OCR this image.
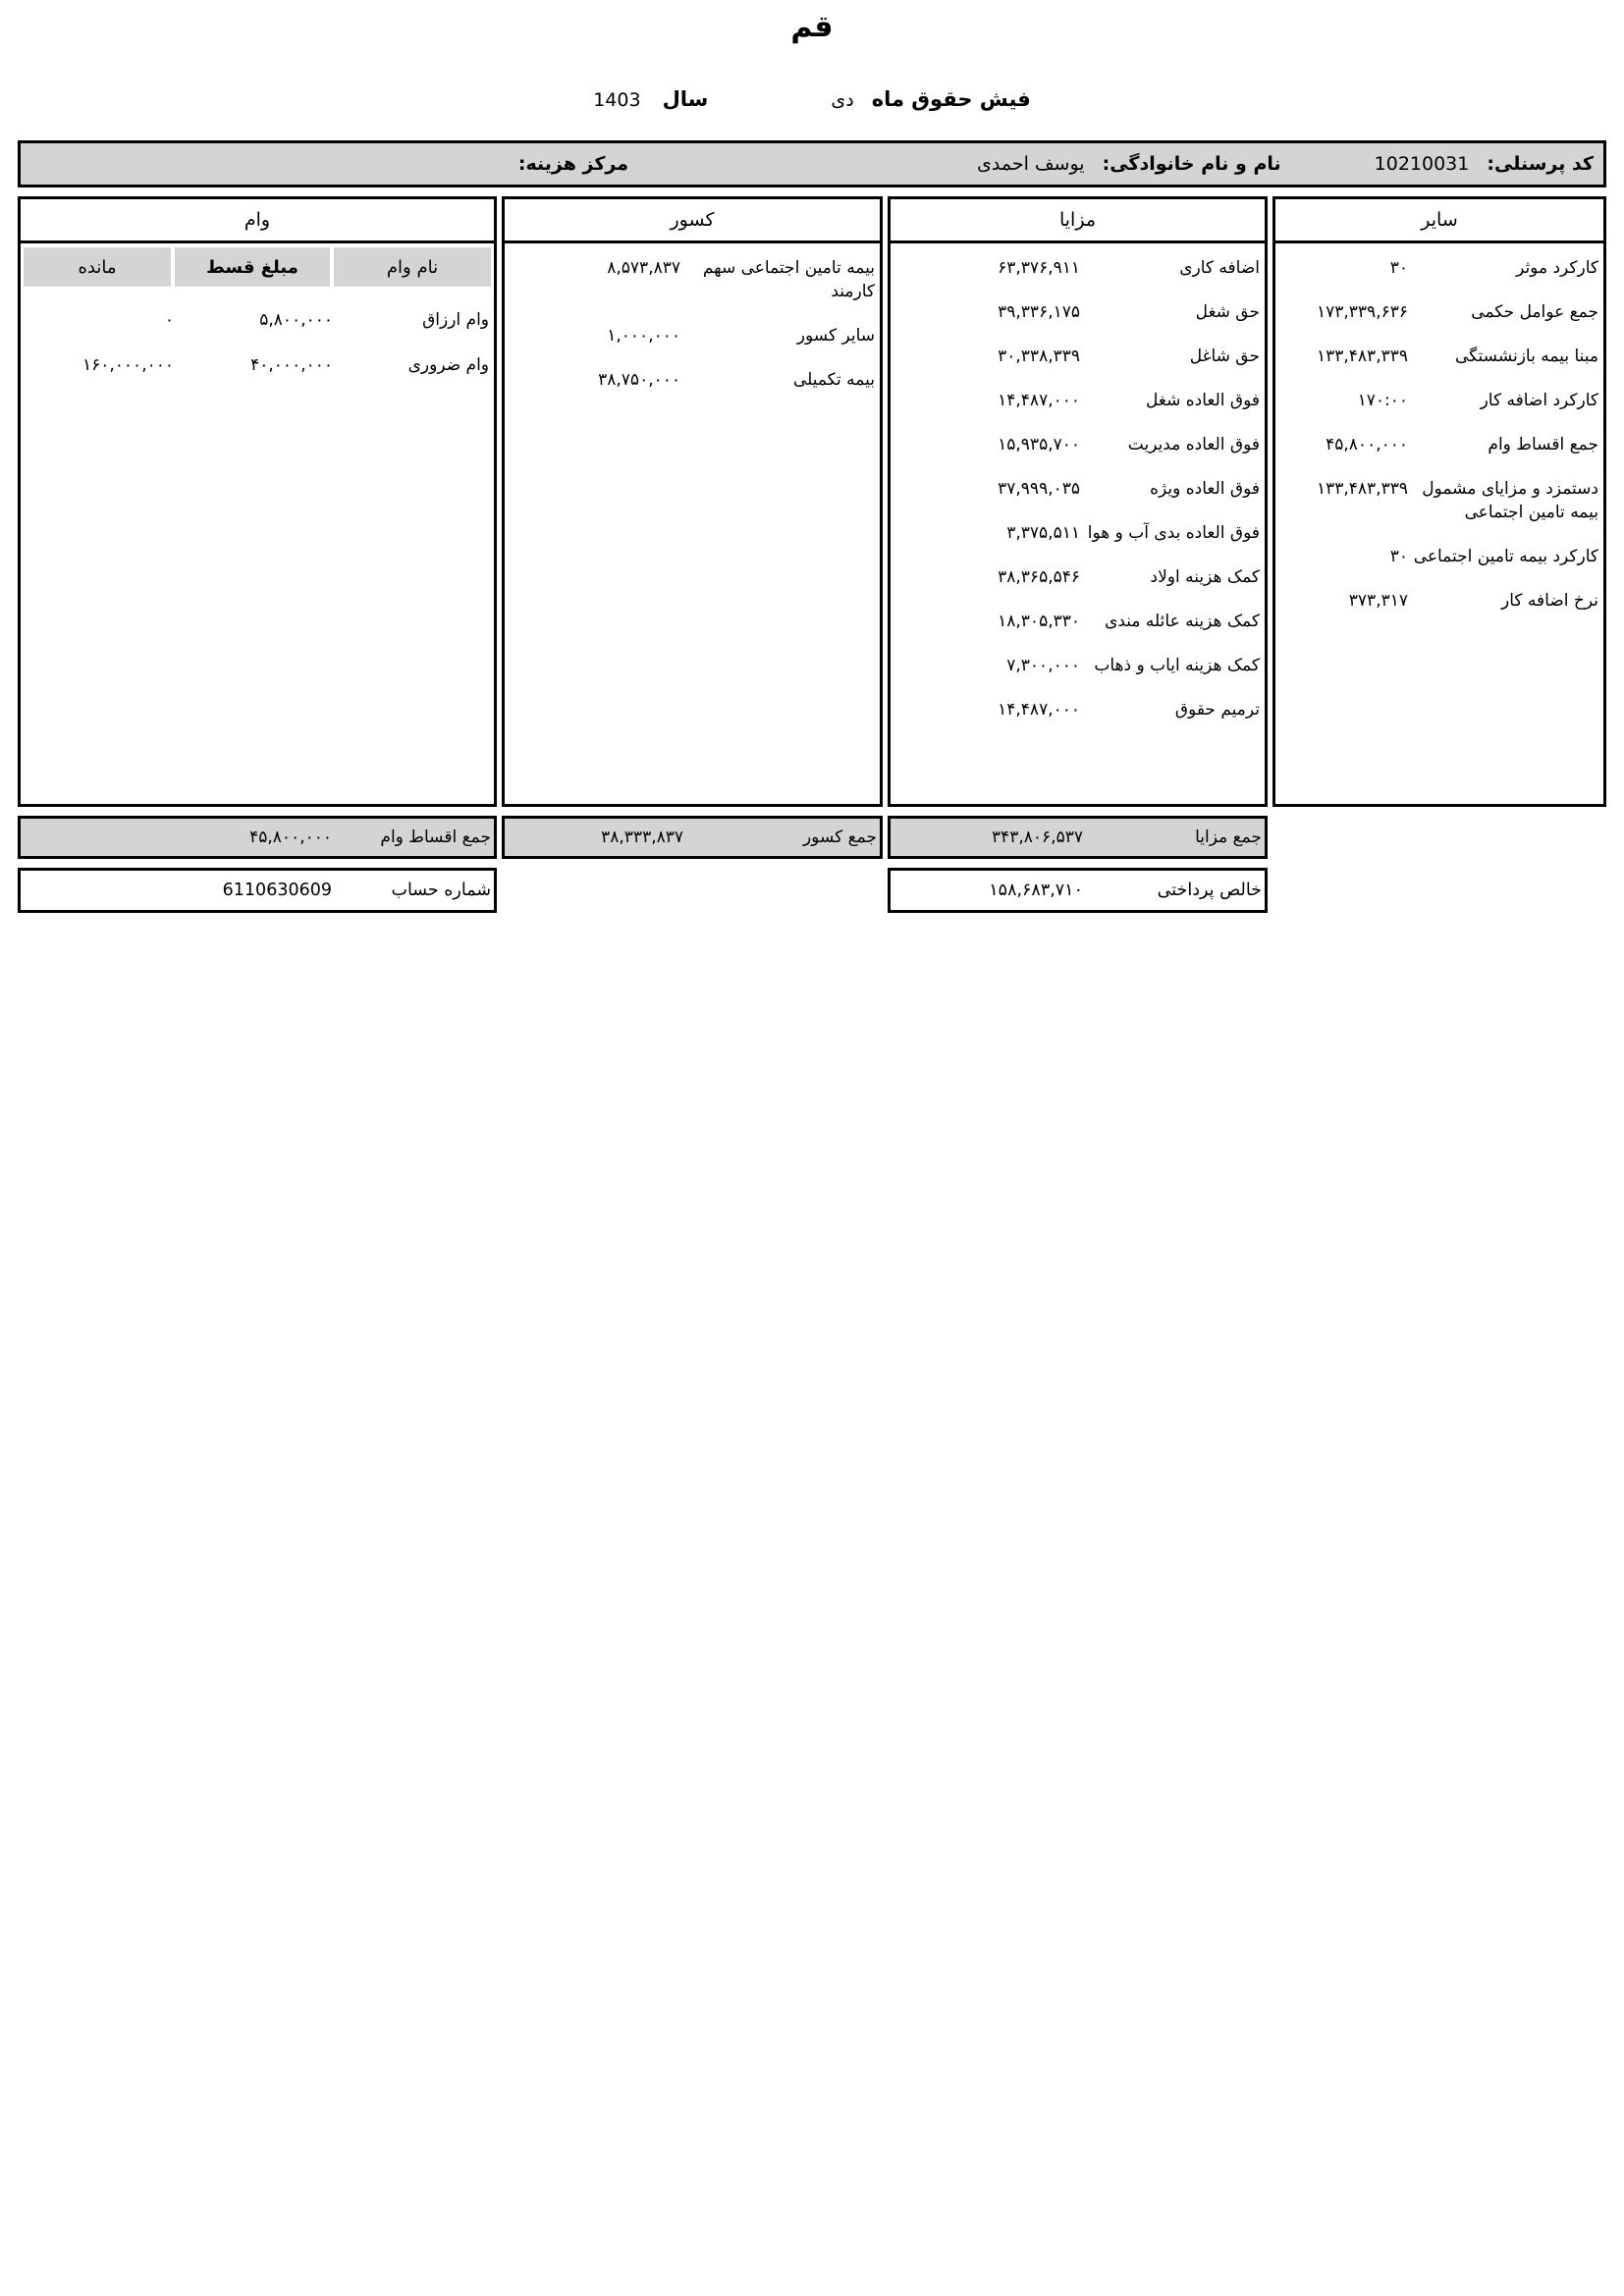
قم
فیش حقوق ماه
دی
سال
1403
کد پرسنلی:
10210031
نام و نام خانوادگی:
یوسف احمدی
مرکز هزینه:
سایر
کارکرد موثر
۳۰
جمع عوامل حکمی
۱۷۳,۳۳۹,۶۳۶
مبنا بیمه بازنشستگی
۱۳۳,۴۸۳,۳۳۹
کارکرد اضافه کار
۱۷۰:۰۰
جمع اقساط وام
۴۵,۸۰۰,۰۰۰
دستمزد و مزایای مشمول بیمه تامین اجتماعی
۱۳۳,۴۸۳,۳۳۹
کارکرد بیمه تامین اجتماعی
۳۰
نرخ اضافه کار
۳۷۳,۳۱۷
مزایا
اضافه کاری
۶۳,۳۷۶,۹۱۱
حق شغل
۳۹,۳۳۶,۱۷۵
حق شاغل
۳۰,۳۳۸,۳۳۹
فوق العاده شغل
۱۴,۴۸۷,۰۰۰
فوق العاده مدیریت
۱۵,۹۳۵,۷۰۰
فوق العاده ویژه
۳۷,۹۹۹,۰۳۵
فوق العاده بدی آب و هوا
۳,۳۷۵,۵۱۱
کمک هزینه اولاد
۳۸,۳۶۵,۵۴۶
کمک هزینه عائله مندی
۱۸,۳۰۵,۳۳۰
کمک هزینه ایاب و ذهاب
۷,۳۰۰,۰۰۰
ترمیم حقوق
۱۴,۴۸۷,۰۰۰
کسور
بیمه تامین اجتماعی سهم کارمند
۸,۵۷۳,۸۳۷
سایر کسور
۱,۰۰۰,۰۰۰
بیمه تکمیلی
۳۸,۷۵۰,۰۰۰
وام
نام وام
مبلغ قسط
مانده
وام ارزاق
۵,۸۰۰,۰۰۰
۰
وام ضروری
۴۰,۰۰۰,۰۰۰
۱۶۰,۰۰۰,۰۰۰
جمع مزایا
۳۴۳,۸۰۶,۵۳۷
جمع کسور
۳۸,۳۳۳,۸۳۷
جمع اقساط وام
۴۵,۸۰۰,۰۰۰
خالص پرداختی
۱۵۸,۶۸۳,۷۱۰
شماره حساب
6110630609
